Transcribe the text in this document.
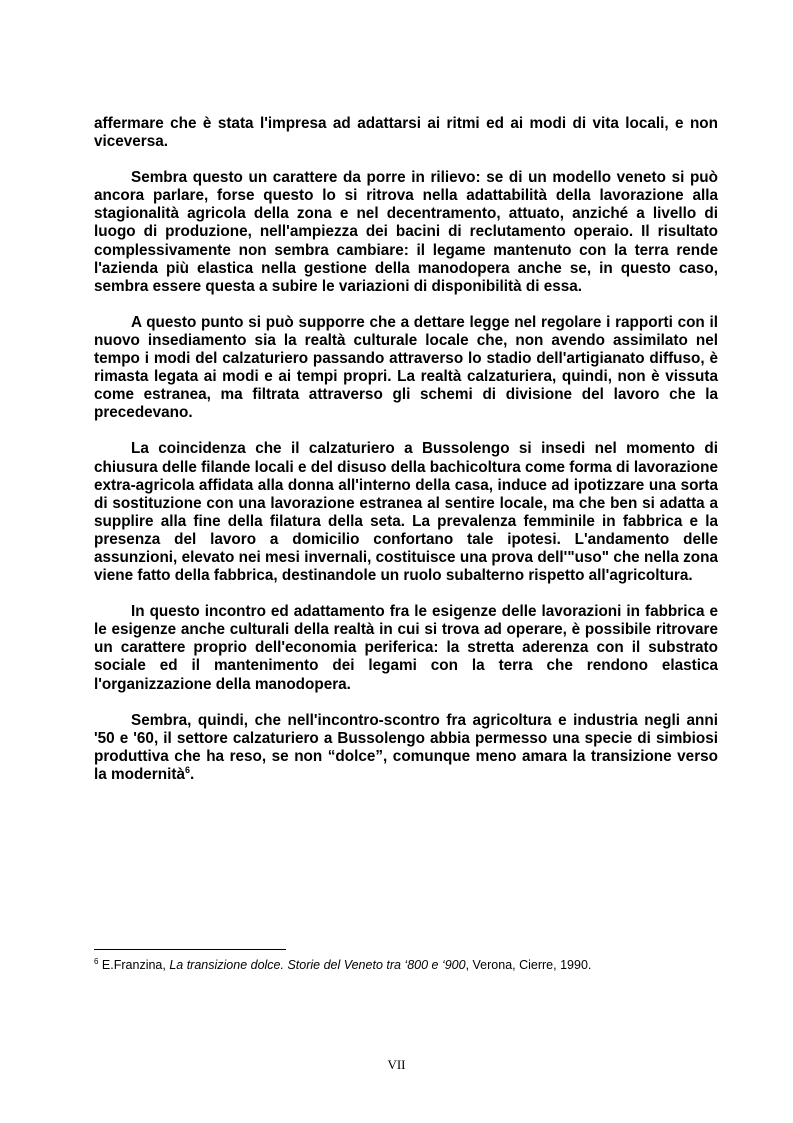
affermare che è stata l'impresa ad adattarsi ai ritmi ed ai modi di vita locali, e non viceversa.

Sembra questo un carattere da porre in rilievo: se di un modello veneto si può ancora parlare, forse questo lo si ritrova nella adattabilità della lavorazione alla stagionalità agricola della zona e nel decentramento, attuato, anziché a livello di luogo di produzione, nell'ampiezza dei bacini di reclutamento operaio. Il risultato complessivamente non sembra cambiare: il legame mantenuto con la terra rende l'azienda più elastica nella gestione della manodopera anche se, in questo caso, sembra essere questa a subire le variazioni di disponibilità di essa.

A questo punto si può supporre che a dettare legge nel regolare i rapporti con il nuovo insediamento sia la realtà culturale locale che, non avendo assimilato nel tempo i modi del calzaturiero passando attraverso lo stadio dell'artigianato diffuso, è rimasta legata ai modi e ai tempi propri. La realtà calzaturiera, quindi, non è vissuta come estranea, ma filtrata attraverso gli schemi di divisione del lavoro che la precedevano.

La coincidenza che il calzaturiero a Bussolengo si insedi nel momento di chiusura delle filande locali e del disuso della bachicoltura come forma di lavorazione extra-agricola affidata alla donna all'interno della casa, induce ad ipotizzare una sorta di sostituzione con una lavorazione estranea al sentire locale, ma che ben si adatta a supplire alla fine della filatura della seta. La prevalenza femminile in fabbrica e la presenza del lavoro a domicilio confortano tale ipotesi. L'andamento delle assunzioni, elevato nei mesi invernali, costituisce una prova dell'"uso" che nella zona viene fatto della fabbrica, destinandole un ruolo subalterno rispetto all'agricoltura.

In questo incontro ed adattamento fra le esigenze delle lavorazioni in fabbrica e le esigenze anche culturali della realtà in cui si trova ad operare, è possibile ritrovare un carattere proprio dell'economia periferica: la stretta aderenza con il substrato sociale ed il mantenimento dei legami con la terra che rendono elastica l'organizzazione della manodopera.

Sembra, quindi, che nell'incontro-scontro fra agricoltura e industria negli anni '50 e '60, il settore calzaturiero a Bussolengo abbia permesso una specie di simbiosi produttiva che ha reso, se non “dolce”, comunque meno amara la transizione verso la modernità$^6$.

$^6$ E.Franzina, La transizione dolce. Storie del Veneto tra ‘800 e ‘900, Verona, Cierre, 1990.
VII
